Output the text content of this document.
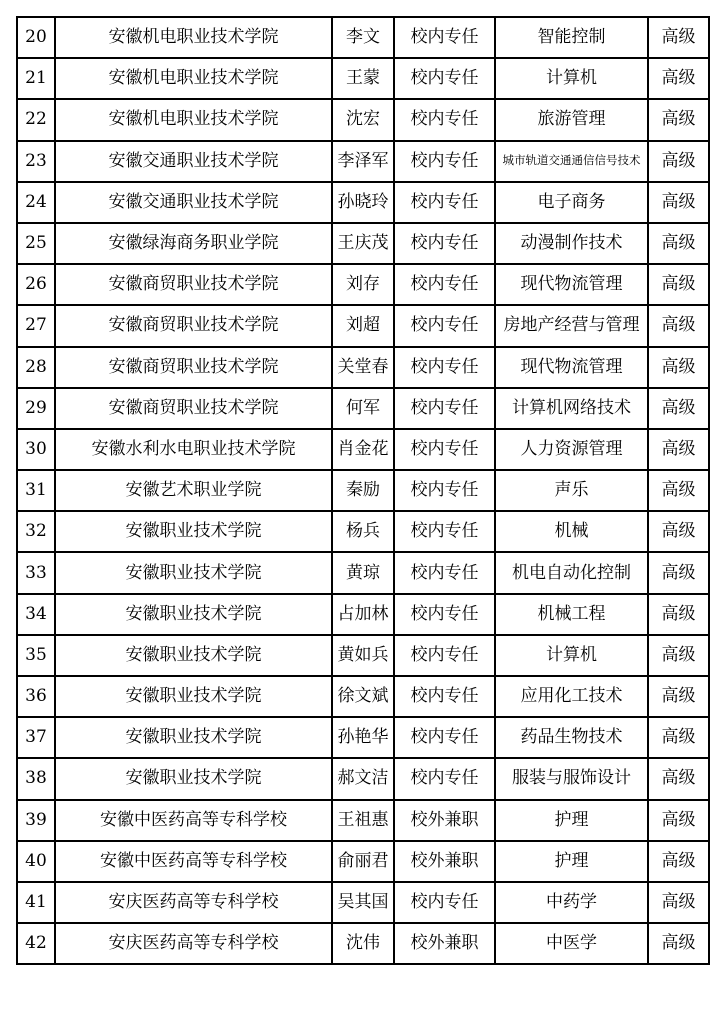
20	安徽机电职业技术学院	李文	校内专任	智能控制	高级
21	安徽机电职业技术学院	王蒙	校内专任	计算机	高级
22	安徽机电职业技术学院	沈宏	校内专任	旅游管理	高级
23	安徽交通职业技术学院	李泽军	校内专任	城市轨道交通通信信号技术	高级
24	安徽交通职业技术学院	孙晓玲	校内专任	电子商务	高级
25	安徽绿海商务职业学院	王庆茂	校内专任	动漫制作技术	高级
26	安徽商贸职业技术学院	刘存	校内专任	现代物流管理	高级
27	安徽商贸职业技术学院	刘超	校内专任	房地产经营与管理	高级
28	安徽商贸职业技术学院	关堂春	校内专任	现代物流管理	高级
29	安徽商贸职业技术学院	何军	校内专任	计算机网络技术	高级
30	安徽水利水电职业技术学院	肖金花	校内专任	人力资源管理	高级
31	安徽艺术职业学院	秦励	校内专任	声乐	高级
32	安徽职业技术学院	杨兵	校内专任	机械	高级
33	安徽职业技术学院	黄琼	校内专任	机电自动化控制	高级
34	安徽职业技术学院	占加林	校内专任	机械工程	高级
35	安徽职业技术学院	黄如兵	校内专任	计算机	高级
36	安徽职业技术学院	徐文斌	校内专任	应用化工技术	高级
37	安徽职业技术学院	孙艳华	校内专任	药品生物技术	高级
38	安徽职业技术学院	郝文洁	校内专任	服装与服饰设计	高级
39	安徽中医药高等专科学校	王祖惠	校外兼职	护理	高级
40	安徽中医药高等专科学校	俞丽君	校外兼职	护理	高级
41	安庆医药高等专科学校	吴其国	校内专任	中药学	高级
42	安庆医药高等专科学校	沈伟	校外兼职	中医学	高级
